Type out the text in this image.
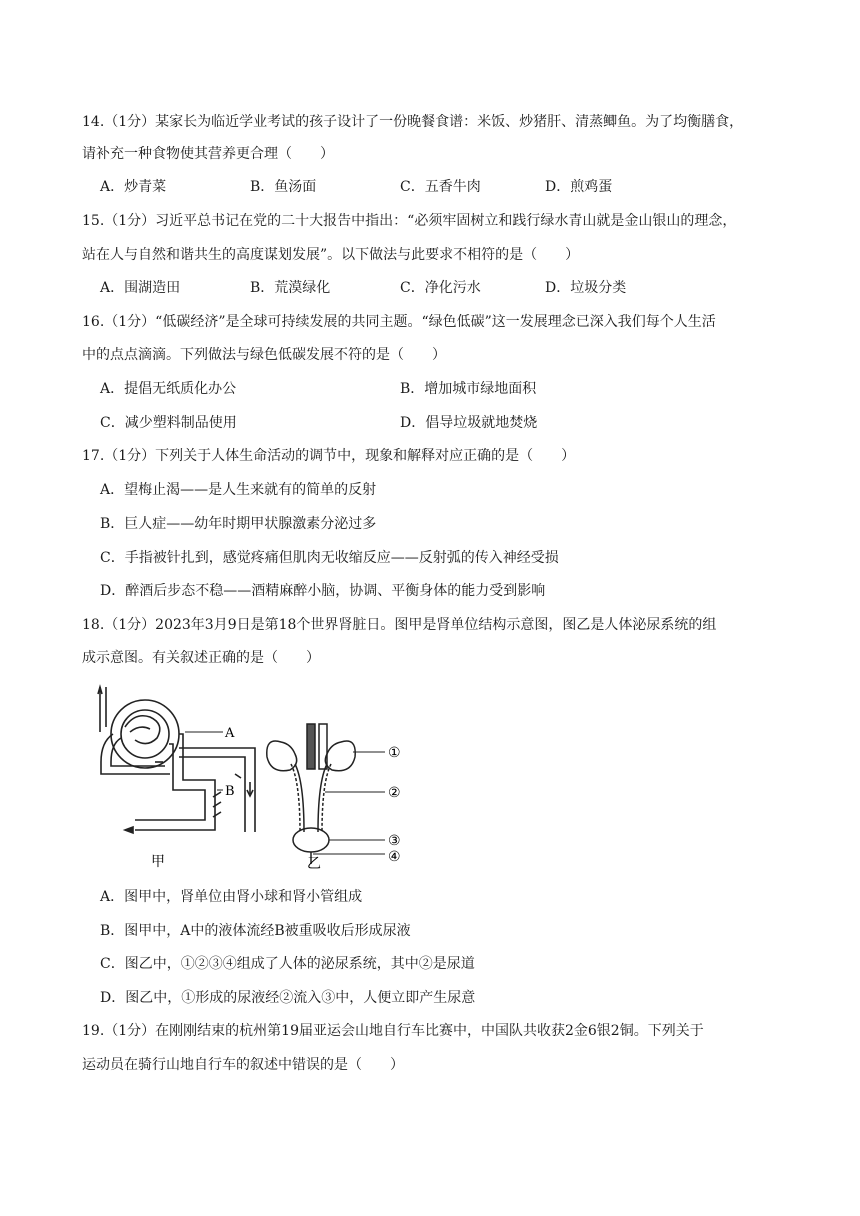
14.（1分）某家长为临近学业考试的孩子设计了一份晚餐食谱：米饭、炒猪肝、清蒸鲫鱼。为了均衡膳食，
请补充一种食物使其营养更合理（　　）
A．炒青菜	B．鱼汤面	C．五香牛肉	D．煎鸡蛋
15.（1分）习近平总书记在党的二十大报告中指出：“必须牢固树立和践行绿水青山就是金山银山的理念，
站在人与自然和谐共生的高度谋划发展”。以下做法与此要求不相符的是（　　）
A．围湖造田	B．荒漠绿化	C．净化污水	D．垃圾分类
16.（1分）“低碳经济”是全球可持续发展的共同主题。“绿色低碳”这一发展理念已深入我们每个人生活
中的点点滴滴。下列做法与绿色低碳发展不符的是（　　）
A．提倡无纸质化办公	B．增加城市绿地面积
C．减少塑料制品使用	D．倡导垃圾就地焚烧
17.（1分）下列关于人体生命活动的调节中，现象和解释对应正确的是（　　）
A．望梅止渴——是人生来就有的简单的反射
B．巨人症——幼年时期甲状腺激素分泌过多
C．手指被针扎到，感觉疼痛但肌肉无收缩反应——反射弧的传入神经受损
D．醉酒后步态不稳——酒精麻醉小脑，协调、平衡身体的能力受到影响
18.（1分）2023年3月9日是第18个世界肾脏日。图甲是肾单位结构示意图，图乙是人体泌尿系统的组
成示意图。有关叙述正确的是（　　）
A
B
甲
①
②
③
④
乙
A．图甲中，肾单位由肾小球和肾小管组成
B．图甲中，A中的液体流经B被重吸收后形成尿液
C．图乙中，①②③④组成了人体的泌尿系统，其中②是尿道
D．图乙中，①形成的尿液经②流入③中，人便立即产生尿意
19.（1分）在刚刚结束的杭州第19届亚运会山地自行车比赛中，中国队共收获2金6银2铜。下列关于
运动员在骑行山地自行车的叙述中错误的是（　　）
